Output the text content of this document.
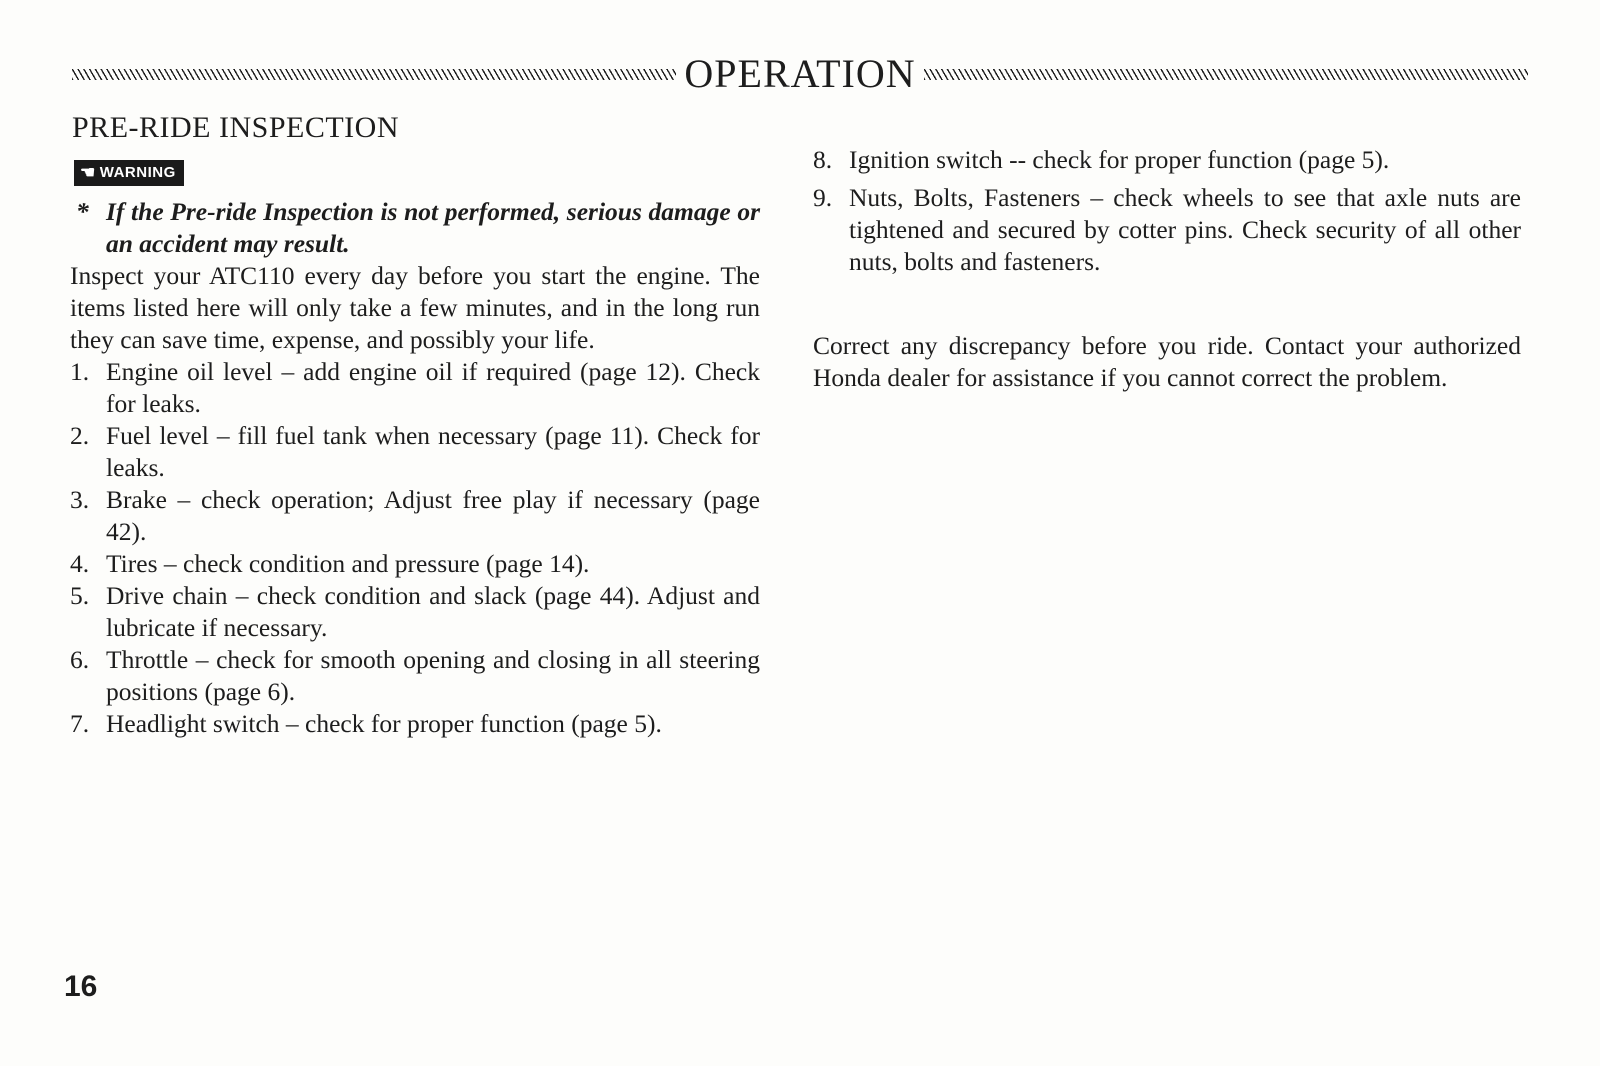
OPERATION
PRE-RIDE INSPECTION
☚ WARNING
* If the Pre-ride Inspection is not performed, serious damage or an accident may result.

Inspect your ATC110 every day before you start the engine. The items listed here will only take a few minutes, and in the long run they can save time, expense, and possibly your life.

1. Engine oil level – add engine oil if required (page 12). Check for leaks.
2. Fuel level – fill fuel tank when necessary (page 11). Check for leaks.
3. Brake – check operation; Adjust free play if necessary (page 42).
4. Tires – check condition and pressure (page 14).
5. Drive chain – check condition and slack (page 44). Adjust and lubricate if necessary.
6. Throttle – check for smooth opening and closing in all steering positions (page 6).
7. Headlight switch – check for proper function (page 5).
8. Ignition switch -- check for proper function (page 5).
9. Nuts, Bolts, Fasteners – check wheels to see that axle nuts are tightened and secured by cotter pins. Check security of all other nuts, bolts and fasteners.

Correct any discrepancy before you ride. Contact your authorized Honda dealer for assistance if you cannot correct the problem.

16
